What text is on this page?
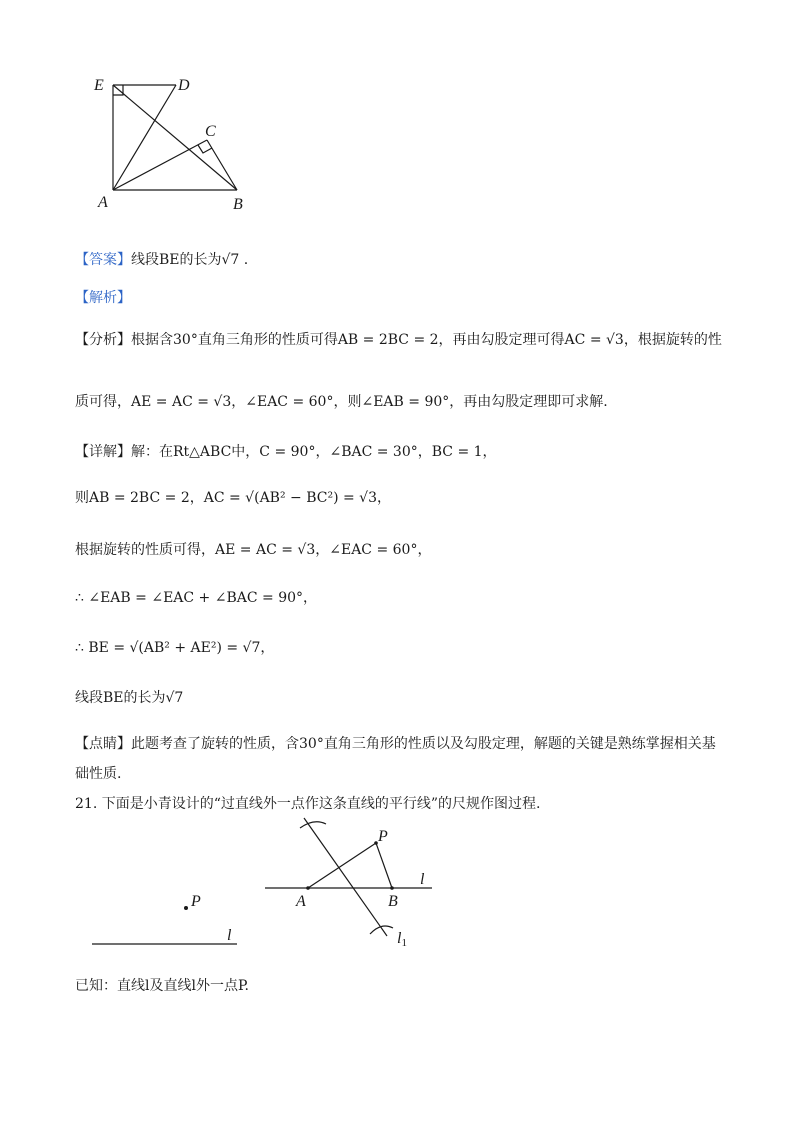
E	D
C
A	B
【答案】线段BE的长为√7 .
【解析】
【分析】根据含30°直角三角形的性质可得AB = 2BC = 2，再由勾股定理可得AC = √3，根据旋转的性
质可得，AE = AC = √3，∠EAC = 60°，则∠EAB = 90°，再由勾股定理即可求解.
【详解】解：在Rt△ABC中，C = 90°，∠BAC = 30°，BC = 1，
则AB = 2BC = 2，AC = √(AB² − BC²) = √3，
根据旋转的性质可得，AE = AC = √3，∠EAC = 60°，
∴ ∠EAB = ∠EAC + ∠BAC = 90°，
∴ BE = √(AB² + AE²) = √7，
线段BE的长为√7
【点睛】此题考查了旋转的性质，含30°直角三角形的性质以及勾股定理，解题的关键是熟练掌握相关基
础性质.
21. 下面是小青设计的“过直线外一点作这条直线的平行线”的尺规作图过程.
P
l
P
A	B
l
l1
已知：直线l及直线l外一点P.
